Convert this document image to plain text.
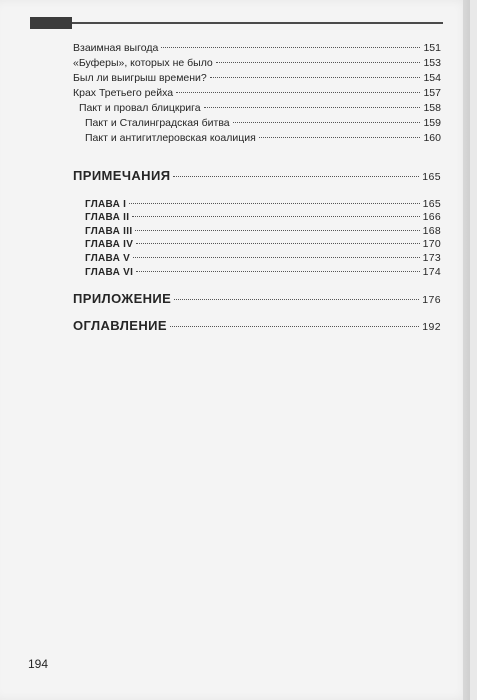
Взаимная выгода	151
«Буферы», которых не было	153
Был ли выигрыш времени?	154
Крах Третьего рейха	157
Пакт и провал блицкрига	158
Пакт и Сталинградская битва	159
Пакт и антигитлеровская коалиция	160
ПРИМЕЧАНИЯ	165
ГЛАВА I	165
ГЛАВА II	166
ГЛАВА III	168
ГЛАВА IV	170
ГЛАВА V	173
ГЛАВА VI	174
ПРИЛОЖЕНИЕ	176
ОГЛАВЛЕНИЕ	192
194
